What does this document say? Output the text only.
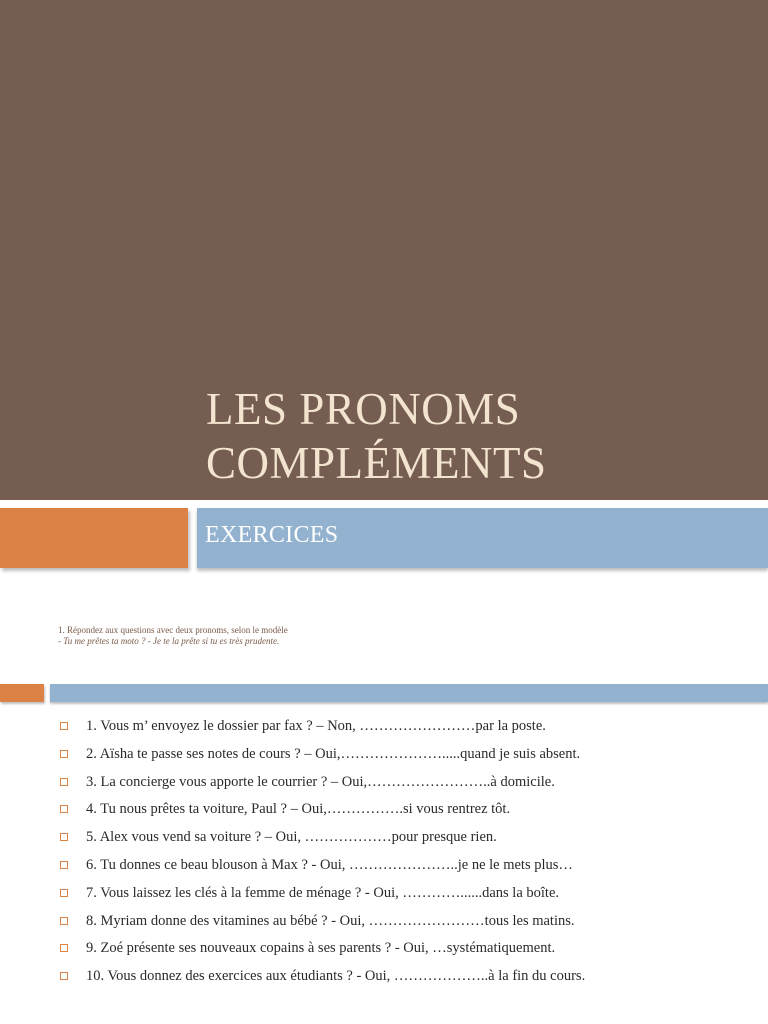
LES PRONOMS
COMPLÉMENTS
EXERCICES
1. Répondez aux questions avec deux pronoms, selon le modèle
- Tu me prêtes ta moto ? - Je te la prête si tu es très prudente.
1. Vous m’ envoyez le dossier par fax ? – Non, ……………………par la poste.
2. Aïsha te passe ses notes de cours ? – Oui,………………….....quand je suis absent.
3. La concierge vous apporte le courrier ? – Oui,……………………..à domicile.
4. Tu nous prêtes ta voiture, Paul ? – Oui,…………….si vous rentrez tôt.
5. Alex vous vend sa voiture ? – Oui, ………………pour presque rien.
6. Tu donnes ce beau blouson à Max ? - Oui, …………………..je ne le mets plus…
7. Vous laissez les clés à la femme de ménage ? - Oui, …………......dans la boîte.
8. Myriam donne des vitamines au bébé ? - Oui, ……………………tous les matins.
9. Zoé présente ses nouveaux copains à ses parents ? - Oui, …systématiquement.
10. Vous donnez des exercices aux étudiants ? - Oui, ………………..à la fin du cours.
